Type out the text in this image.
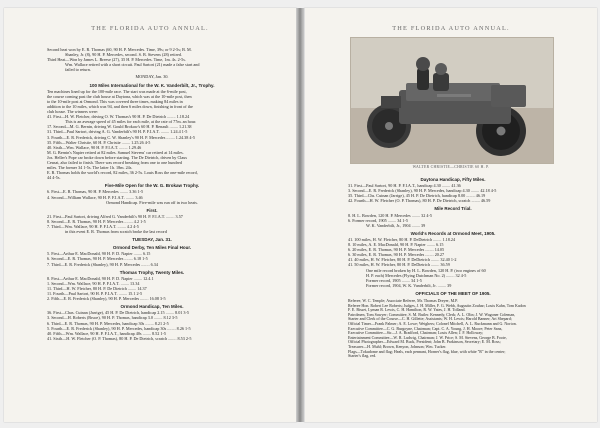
THE FLORIDA AUTO ANNUAL.
Second heat won by E. R. Thomas (60, 90 H. P. Mercedes. Time, 39s; or 9 2-5s; B. M.
Shanley, Jr. (8), 90 H. P. Mercedes, second. S. B. Stevens (28) retired.
Third Heat—Won by James L. Breese (27), 35 H. P. Mercedes. Time, 1m. 4s. 2-5s.
Wm. Wallace retired with a short circuit. Paul Sartori (21) made a false start and
failed to return.
MONDAY, Jan. 30.
100 Miles International for the W. K. Vanderbilt, Jr., Trophy.
Ten machines lined up for the 100-mile race. The start was made at the 6-mile post,
the course coming past the club house at Daytona, which was at the 10-mile post, then
to the 10-mile post at Ormond. This was covered three times, making 84 miles in
addition to the 10 miles, which was 94, and then 6 miles down, finishing in front of the
club house. The winners were:
41. First—H. W. Fletcher, driving O. W. Thomas's 90 H. P. De Dietrich ........ 1.18.24
This is an average speed of 45 miles for each mile, at the rate of 77m. an hour.
17. Second—M. G. Bernin, driving W. Gould Brokaw's 60 H. P. Renault ........ 1.21.38
31. Third—Paul Sartori, driving A. G. Vanderbilt's 90 H. P. F.I.A.T. ........ 1.24.4 1-5
3. Fourth—E. R. Frederick, driving C. W. Shanley's 90 H. P. Mercedes ........ 1.24.38 4-5
35. Fifth—Walter Christie, 60 H. P. Christie ........ 1.25.26 4-5
40. Sixth—Wm. Wallace, 90 H. P. F.I.A.T. ........ 1.29.46
M. G. Bernin's Napier retired at 82 miles. Samuel Stevens' car retired at 14 miles.
Jos. Heller's Pope car broke down before starting. The De Dietrich, driven by Claus
Cesnat, also failed to finish. There was record breaking from one to one hundred
miles. The former 34 1-5s. The latter 1h. 18m. 24s.
E. R. Thomas holds the world's record, 82 miles, 36 2-5s. Louis Ross the one-mile record,
44 4-5s.
Five-Mile Open for the W. G. Brokaw Trophy.
6. First—E. R. Thomas, 90 H. P. Mercedes ........ 3.36 1-5
4. Second—William Wallace, 90 H. P. F.I.A.T. ........ 3.46
Ormond Handicap. Five-mile was run off in two heats.
First.
21. First—Paul Sartori, driving Alfred G. Vanderbilt's 90 H. P. F.I.A.T. ........ 3.57
8. Second—E. R. Thomas, 90 H. P. Mercedes ........ 4.2 1-5
7. Third—Wm. Wallace, 90 H. P. F.I.A.T. ........ 4.2 4-5
in this event E. R. Thomas from scratch broke the last record
TUESDAY, Jan. 31.
Ormond Derby, Ten Miles Final Hour.
5. First—Arthur E. MacDonald, 90 H. P. D. Napier ........ 6.15
6. Second—E. R. Thomas, 90 H. P. Mercedes ........ 6.18 1-5
7. Third—E. R. Frederick (Shanley), 90 H. P. Mercedes ........ 6.34
Thomas Trophy, Twenty Miles.
8. First—Arthur E. MacDonald, 90 H. P. D. Napier ........ 12.4.1
1. Second—Wm. Wallace, 90 H. P. F.I.A.T. ........ 13.34
11. Third—H. W. Fletcher, 80 H. P. De Dietrich ........ 14.37
11. Fourth—Paul Sartori, 90 H. P. F.I.A.T. ........ 15.1 2-5
2. Fifth—E. R. Frederick (Shanley), 90 H. P. Mercedes ........ 16.08 3-5
Ormond Handicap, Ten Miles.
36. First—Chas. Cuinan (Jarrige), 45 H. P. De Dietrich, handicap 2.15 ........ 8.01 3-5
3. Second—H. Roberts (Bruce), 90 H. P. Thomas, handicap 3.0 ........ 8.12 3-5
6. Third—E. R. Thomas, 90 H. P. Mercedes, handicap 30s ........ 8.21 2-5
5. Fourth—E. R. Frederick (Shanley), 90 H. P. Mercedes, handicap 30s ........ 8.26 1-5
40. Fifth—Wm. Wallace, 90 H. P. F.I.A.T., handicap 40s ........ 8.52 1-5
41. Sixth—H. W. Fletcher (O. P. Thomas), 80 H. P. De Dietrich, scratch ........ 8.53 2-5
THE FLORIDA AUTO ANNUAL.
WALTER CHRISTIE—CHRISTIE 60 H. P.
Daytona Handicap, Fifty Miles.
31. First—Paul Sartori, 90 H. P. F.I.A.T., handicap 4.30 ........ 41.36
3. Second—E. R. Frederick (Shanley), 90 H. P. Mercedes, handicap 4.30 ........ 42.18 4-5
35. Third—Chs. Cuinan (Jarrige), 45 H. P. De Dietrich, handicap 8.00 ........ 46.19
42. Fourth—H. W. Fletcher (O. P. Thomas), 80 H. P. De Dietrich, scratch ........ 46.59
Mile Record Trial.
8. H. L. Bowden, 120 H. P. Mercedes ........ 32 4-5
6. Former record, 1905 ........ 34 1-5
W. K. Vanderbilt, Jr., 1904 ........ 39
World's Records at Ormond Meet, 1905.
41. 100 miles, H. W. Fletcher, 80 H. P. DeDietrich ........ 1.18.24
8. 10 miles, A. E. MacDonald, 90 H. P. Napier ........ 6.15
6. 20 miles, E. R. Thomas, 90 H. P. Mercedes ........ 14.05
6. 30 miles, E. R. Thomas, 90 H. P. Mercedes ........ 20.27
41. 40 miles, H. W. Fletcher, 80 H. P. DeDietrich ........ 32.40 1-2
41. 50 miles, H. W. Fletcher, 80 H. P. DeDietrich ........ 36.59
One mile record broken by H. L. Bowden, 120 H. P. (two engines of 60
H. P. each) Mercedes (Flying Dutchman No. 2) ........ 32 4-5
Former record, 1905 ........ 34 1-5
Former record, 1904, W. K. Vanderbilt, Jr. ........ 39
OFFICIALS OF THE MEET OF 1905.
Referee, W. C. Temple; Associate Referee, Mr. Thomas Dreyer, M.P.
Referee Hon. Robert Lee Roberts; Judges, J. H. Miller, F. G. Webb, Augustin Zouhar; Louis Kahn, Tom Kadon
F. E. Bisset, Lyman R. Lewis, C. H. Hamilton, R. W. Yates, J. H. Tolland.
Patrolmen, Tom Sawyer; Committee, S. M. Butler. Kennedy, Clerk; A. L. Olin; J. W. Wagoner Coleman,
Starter and Clerk of the Course—C. H. Gillette; Assistants; W. H. Lewis; Harold Banner; Art Shepard;
Official Timer—Frank Palmer; A. E. Lowe; Weighers; Colonel Mitchell, A. L. Ruckmann and G. Norton.
Executive Committee—C. G. Burgoyne, Chairman; Capt. C. A. Young, J. H. Moore; Peter Sanz,
Executive Committee—Sir—J. A. Bradford, Chairman; Louis Allen; J. F. Holloway;
Entertainment Committee—W. R. Ludwig, Chairman; J. W. Price; S. M. Stevens, George B. Foote,
Official Photographer—Edward M. Buck, President; John B. Parkinson, Secretary; E. M. Ross;
Treasurer—H. Muhl; Brown, Kenyon, Johnson; Wm. Tucker.
Flags—Tokudome and flag; Heals, each pennant, Horner's flag, blue, with white "R" in the center;
Starter's flag, red.
